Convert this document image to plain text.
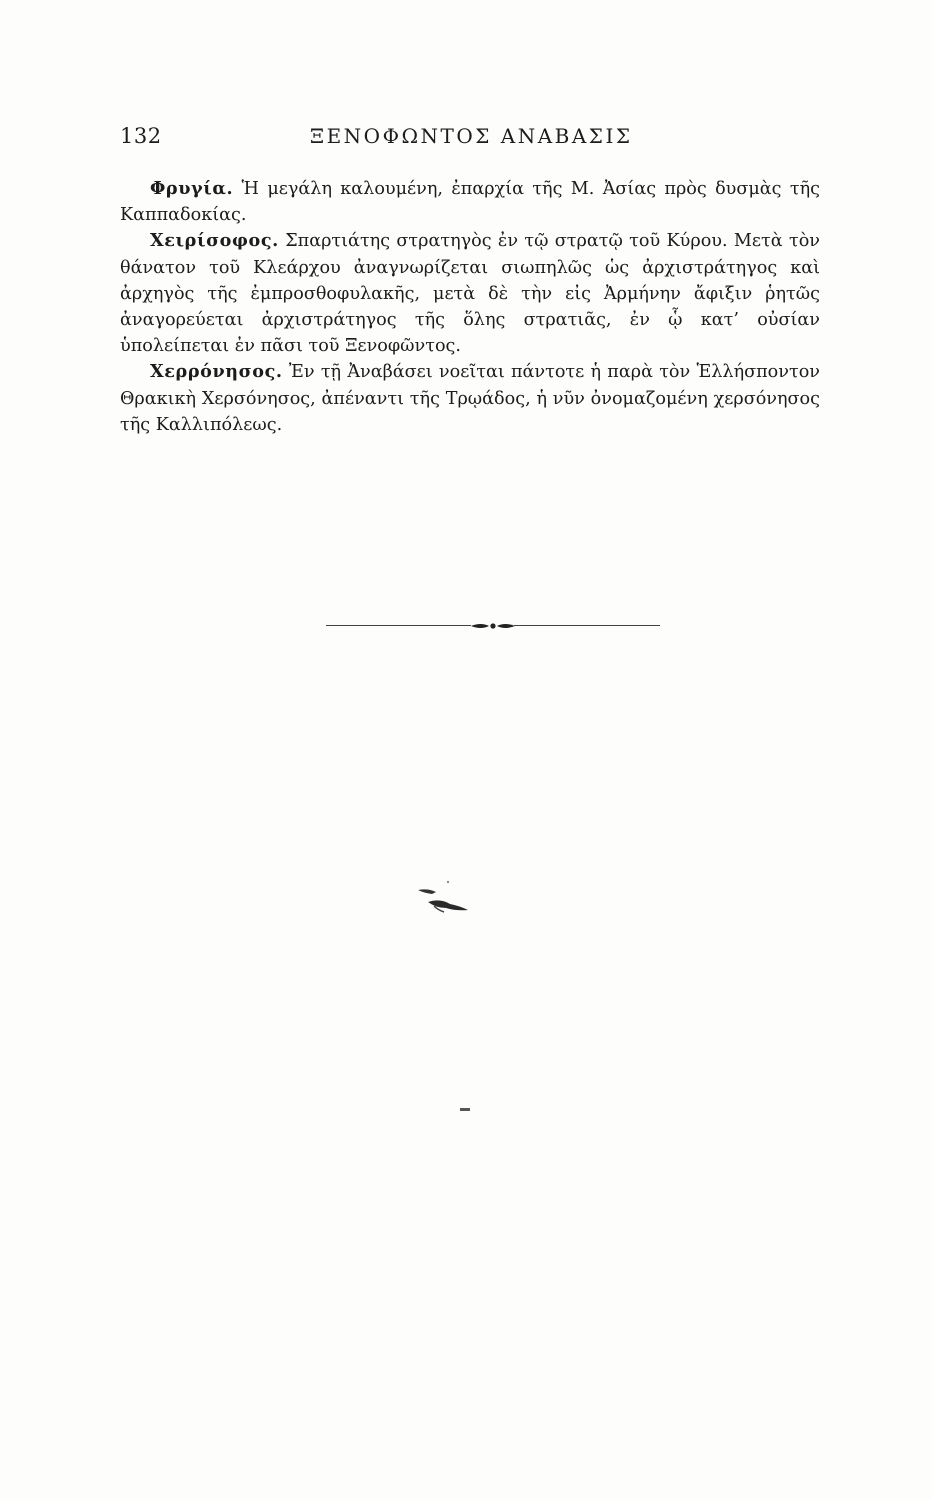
132	ΞΕΝΟΦΩΝΤΟΣ ΑΝΑΒΑΣΙΣ

Φρυγία. Ἡ μεγάλη καλουμένη, ἐπαρχία τῆς Μ. Ἀσίας πρὸς δυσμὰς τῆς Καππαδοκίας.

Χειρίσοφος. Σπαρτιάτης στρατηγὸς ἐν τῷ στρατῷ τοῦ Κύρου. Μετὰ τὸν θάνατον τοῦ Κλεάρχου ἀναγνωρίζεται σιωπηλῶς ὡς ἀρχιστράτηγος καὶ ἀρχηγὸς τῆς ἐμπροσθοφυλακῆς, μετὰ δὲ τὴν εἰς Ἀρμήνην ἄφιξιν ῥητῶς ἀναγορεύεται ἀρχιστράτηγος τῆς ὅλης στρατιᾶς, ἐν ᾧ κατ’ οὐσίαν ὑπολείπεται ἐν πᾶσι τοῦ Ξενοφῶντος.

Χερρόνησος. Ἐν τῇ Ἀναβάσει νοεῖται πάντοτε ἡ παρὰ τὸν Ἑλλήσποντον Θρακικὴ Χερσόνησος, ἀπέναντι τῆς Τρῳάδος, ἡ νῦν ὀνομαζομένη χερσόνησος τῆς Καλλιπόλεως.
